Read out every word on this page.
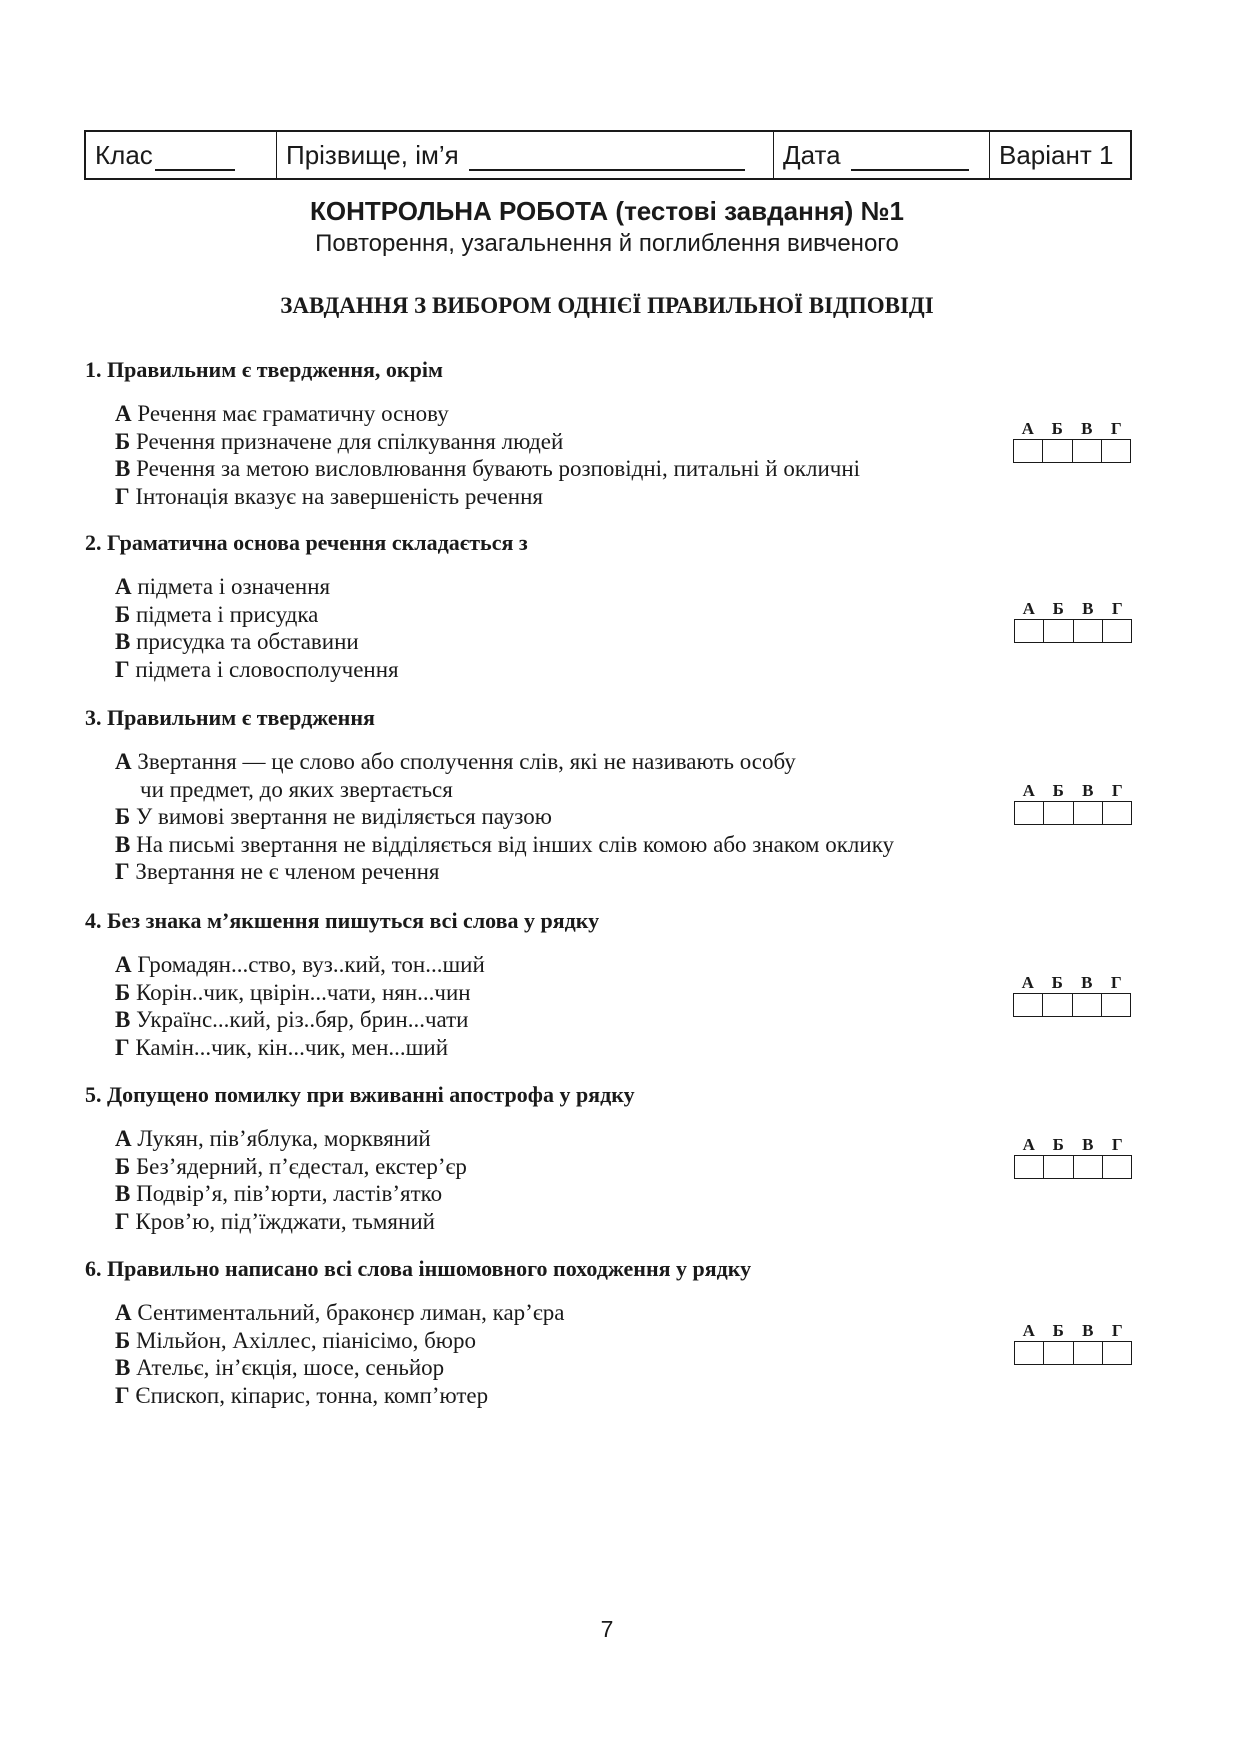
Клас	Прізвище, ім’я	Дата	Варіант 1
КОНТРОЛЬНА РОБОТА (тестові завдання) №1
Повторення, узагальнення й поглиблення вивченого
ЗАВДАННЯ З ВИБОРОМ ОДНІЄЇ ПРАВИЛЬНОЇ ВІДПОВІДІ
1. Правильним є твердження, окрім
А Речення має граматичну основу
Б Речення призначене для спілкування людей
В Речення за метою висловлювання бувають розповідні, питальні й окличні
Г Інтонація вказує на завершеність речення
А	Б	В	Г
2. Граматична основа речення складається з
А підмета і означення
Б підмета і присудка
В присудка та обставини
Г підмета і словосполучення
А	Б	В	Г
3. Правильним є твердження
А Звертання — це слово або сполучення слів, які не називають особу
чи предмет, до яких звертається
Б У вимові звертання не виділяється паузою
В На письмі звертання не відділяється від інших слів комою або знаком оклику
Г Звертання не є членом речення
А	Б	В	Г
4. Без знака м’якшення пишуться всі слова у рядку
А Громадян...ство, вуз..кий, тон...ший
Б Корін..чик, цвірін...чати, нян...чин
В Українс...кий, різ..бяр, брин...чати
Г Камін...чик, кін...чик, мен...ший
А	Б	В	Г
5. Допущено помилку при вживанні апострофа у рядку
А Лукян, пів’яблука, морквяний
Б Без’ядерний, п’єдестал, екстер’єр
В Подвір’я, пів’юрти, ластів’ятко
Г Кров’ю, під’їжджати, тьмяний
А	Б	В	Г
6. Правильно написано всі слова іншомовного походження у рядку
А Сентиментальний, браконєр лиман, кар’єра
Б Мільйон, Ахіллес, піанісімо, бюро
В Ательє, ін’єкція, шосе, сеньйор
Г Єпископ, кіпарис, тонна, комп’ютер
А	Б	В	Г
7
